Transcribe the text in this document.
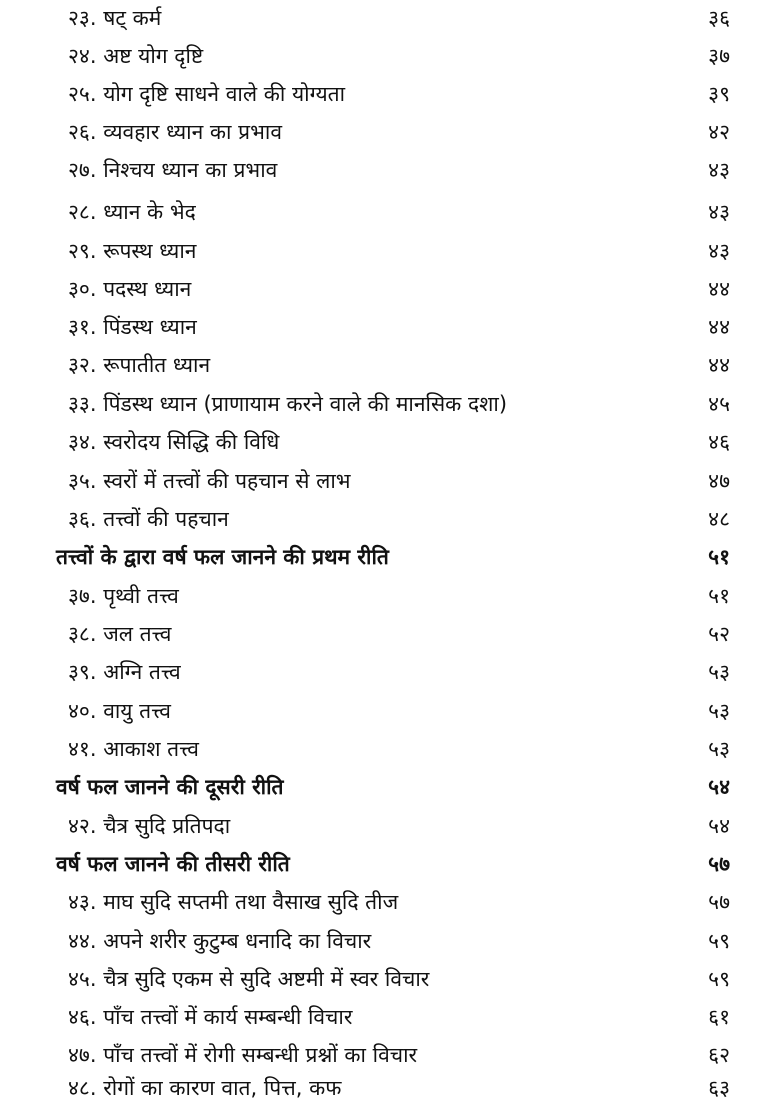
२३. षट् कर्म	३६
२४. अष्ट योग दृष्टि	३७
२५. योग दृष्टि साधने वाले की योग्यता	३९
२६. व्यवहार ध्यान का प्रभाव	४२
२७. निश्चय ध्यान का प्रभाव	४३
२८. ध्यान के भेद	४३
२९. रूपस्थ ध्यान	४३
३०. पदस्थ ध्यान	४४
३१. पिंडस्थ ध्यान	४४
३२. रूपातीत ध्यान	४४
३३. पिंडस्थ ध्यान (प्राणायाम करने वाले की मानसिक दशा)	४५
३४. स्वरोदय सिद्धि की विधि	४६
३५. स्वरों में तत्त्वों की पहचान से लाभ	४७
३६. तत्त्वों की पहचान	४८
तत्त्वों के द्वारा वर्ष फल जानने की प्रथम रीति	५१
३७. पृथ्वी तत्त्व	५१
३८. जल तत्त्व	५२
३९. अग्नि तत्त्व	५३
४०. वायु तत्त्व	५३
४१. आकाश तत्त्व	५३
वर्ष फल जानने की दूसरी रीति	५४
४२. चैत्र सुदि प्रतिपदा	५४
वर्ष फल जानने की तीसरी रीति	५७
४३. माघ सुदि सप्तमी तथा वैसाख सुदि तीज	५७
४४. अपने शरीर कुटुम्ब धनादि का विचार	५९
४५. चैत्र सुदि एकम से सुदि अष्टमी में स्वर विचार	५९
४६. पाँच तत्त्वों में कार्य सम्बन्धी विचार	६१
४७. पाँच तत्त्वों में रोगी सम्बन्धी प्रश्नों का विचार	६२
४८. रोगों का कारण वात, पित्त, कफ	६३
